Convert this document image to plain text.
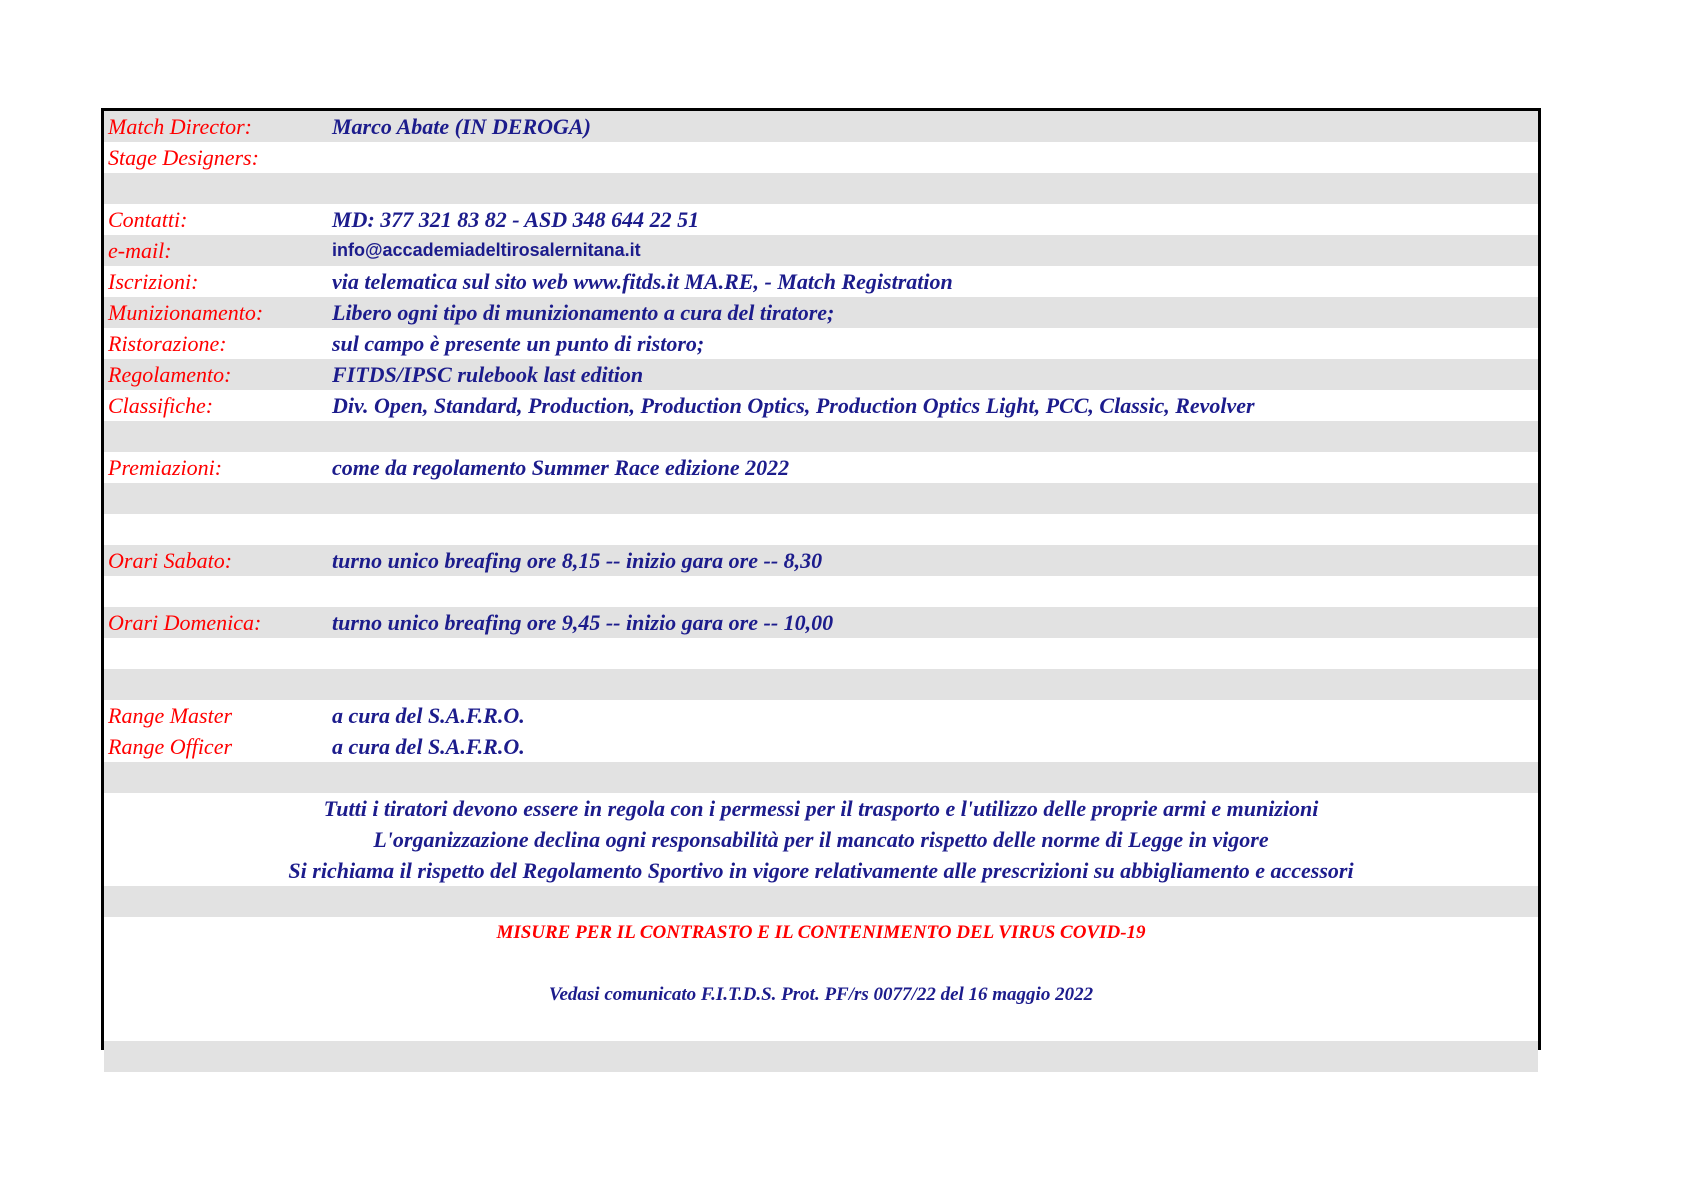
Match Director:	Marco Abate (IN DEROGA)
Stage Designers:
Contatti:	MD: 377 321 83 82 - ASD 348 644 22 51
e-mail:	info@accademiadeltirosalernitana.it
Iscrizioni:	via telematica sul sito web www.fitds.it MA.RE, - Match Registration
Munizionamento:	Libero ogni tipo di munizionamento a cura del tiratore;
Ristorazione:	sul campo è presente un punto di ristoro;
Regolamento:	FITDS/IPSC rulebook last edition
Classifiche:	Div. Open, Standard, Production, Production Optics, Production Optics Light, PCC, Classic, Revolver
Premiazioni:	come da regolamento Summer Race edizione 2022
Orari Sabato:	turno unico breafing ore 8,15 -- inizio gara ore -- 8,30
Orari Domenica:	turno unico breafing ore 9,45 -- inizio gara ore -- 10,00
Range Master	a cura del S.A.F.R.O.
Range Officer	a cura del S.A.F.R.O.
Tutti i tiratori devono essere in regola con i permessi per il trasporto e l'utilizzo delle proprie armi e munizioni
L'organizzazione declina ogni responsabilità per il mancato rispetto delle norme di Legge in vigore
Si richiama il rispetto del Regolamento Sportivo in vigore relativamente alle prescrizioni su abbigliamento e accessori
MISURE PER IL CONTRASTO E IL CONTENIMENTO DEL VIRUS COVID-19
Vedasi comunicato F.I.T.D.S. Prot. PF/rs 0077/22 del 16 maggio 2022
